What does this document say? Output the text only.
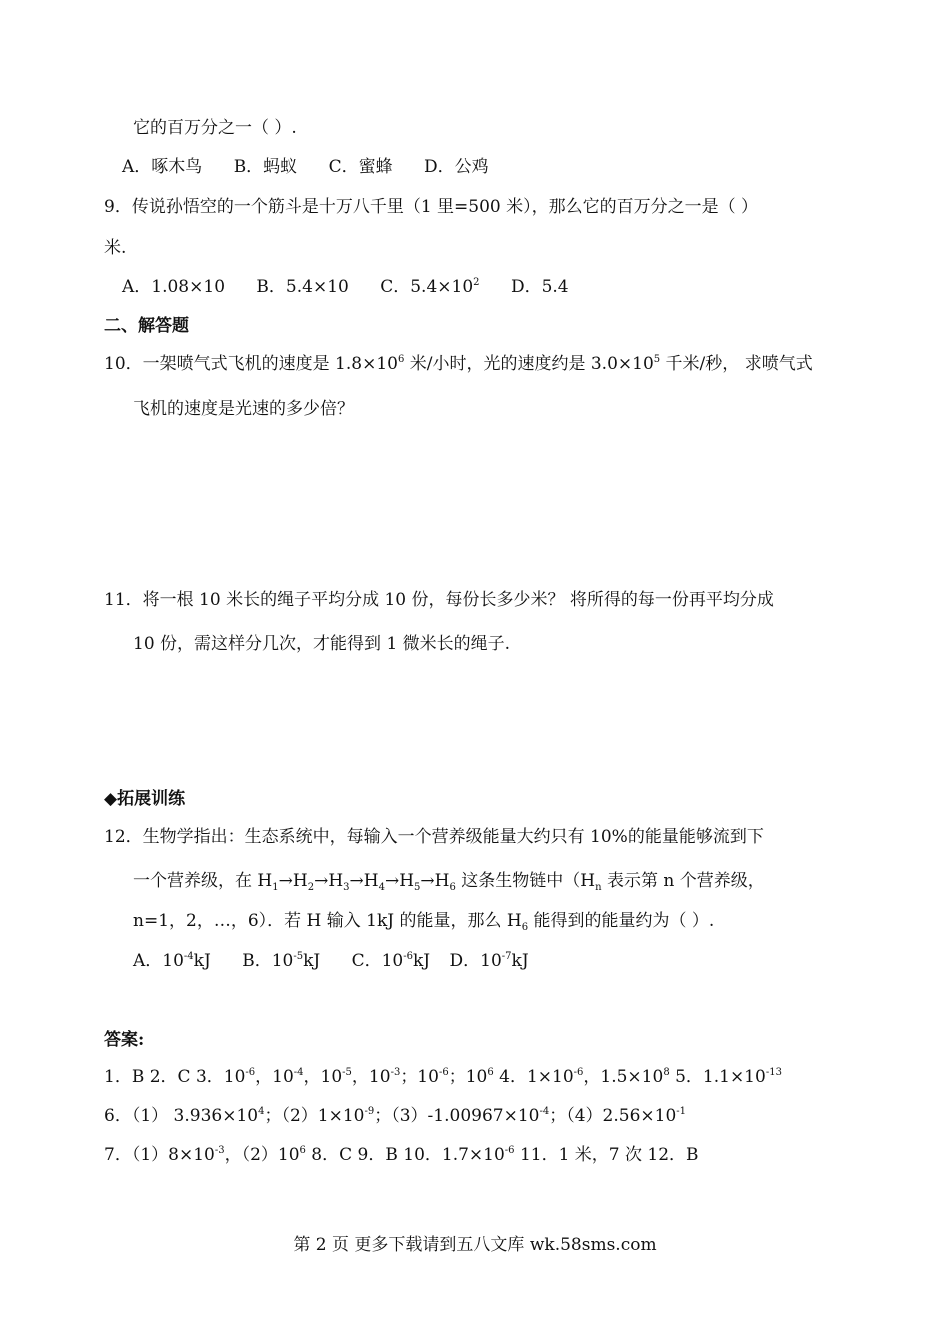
它的百万分之一（ ）.
A．啄木鸟 B．蚂蚁 C．蜜蜂 D．公鸡
9．传说孙悟空的一个筋斗是十万八千里（1 里=500 米），那么它的百万分之一是（ ）
米.
A．1.08×10 B．5.4×10 C．$5.4\times 10^2$ D．5.4
二、解答题
10．一架喷气式飞机的速度是 $1.8\times 10^6$ 米/小时，光的速度约是 $3.0\times 10^5$ 千米/秒， 求喷气式
飞机的速度是光速的多少倍？
11．将一根 10 米长的绳子平均分成 10 份，每份长多少米？ 将所得的每一份再平均分成
10 份，需这样分几次，才能得到 1 微米长的绳子.
◆拓展训练
12．生物学指出：生态系统中，每输入一个营养级能量大约只有 10%的能量能够流到下
一个营养级，在 $H_1\to H_2\to H_3\to H_4\to H_5\to H_6$ 这条生物链中（$H_n$ 表示第 n 个营养级，
n=1，2，…，6）．若 H 输入 1kJ 的能量，那么 $H_6$ 能得到的能量约为（ ）.
A．$10^{-4}kJ$ B．$10^{-5}kJ$ C．$10^{-6}kJ$ D．$10^{-7}kJ$
答案:
1．B 2．C 3．$10^{-6}$，$10^{-4}$，$10^{-5}$，$10^{-3}$；$10^{-6}$；$10^6$ 4．$1\times 10^{-6}$，$1.5\times 10^8$ 5．$1.1\times 10^{-13}$
6．（1） $3.936\times 10^4$；$(2)1\times 10^{-9}$；$(3)-1.00967\times 10^{-4}$；$(4)2.56\times 10^{-1}$
7．$(1)8\times 10^{-3}$，$(2)10^6$ 8．C 9．B 10．$1.7\times 10^{-6}$ 11．1 米，7 次 12．B
第 2 页 更多下载请到五八文库 wk.58sms.com
